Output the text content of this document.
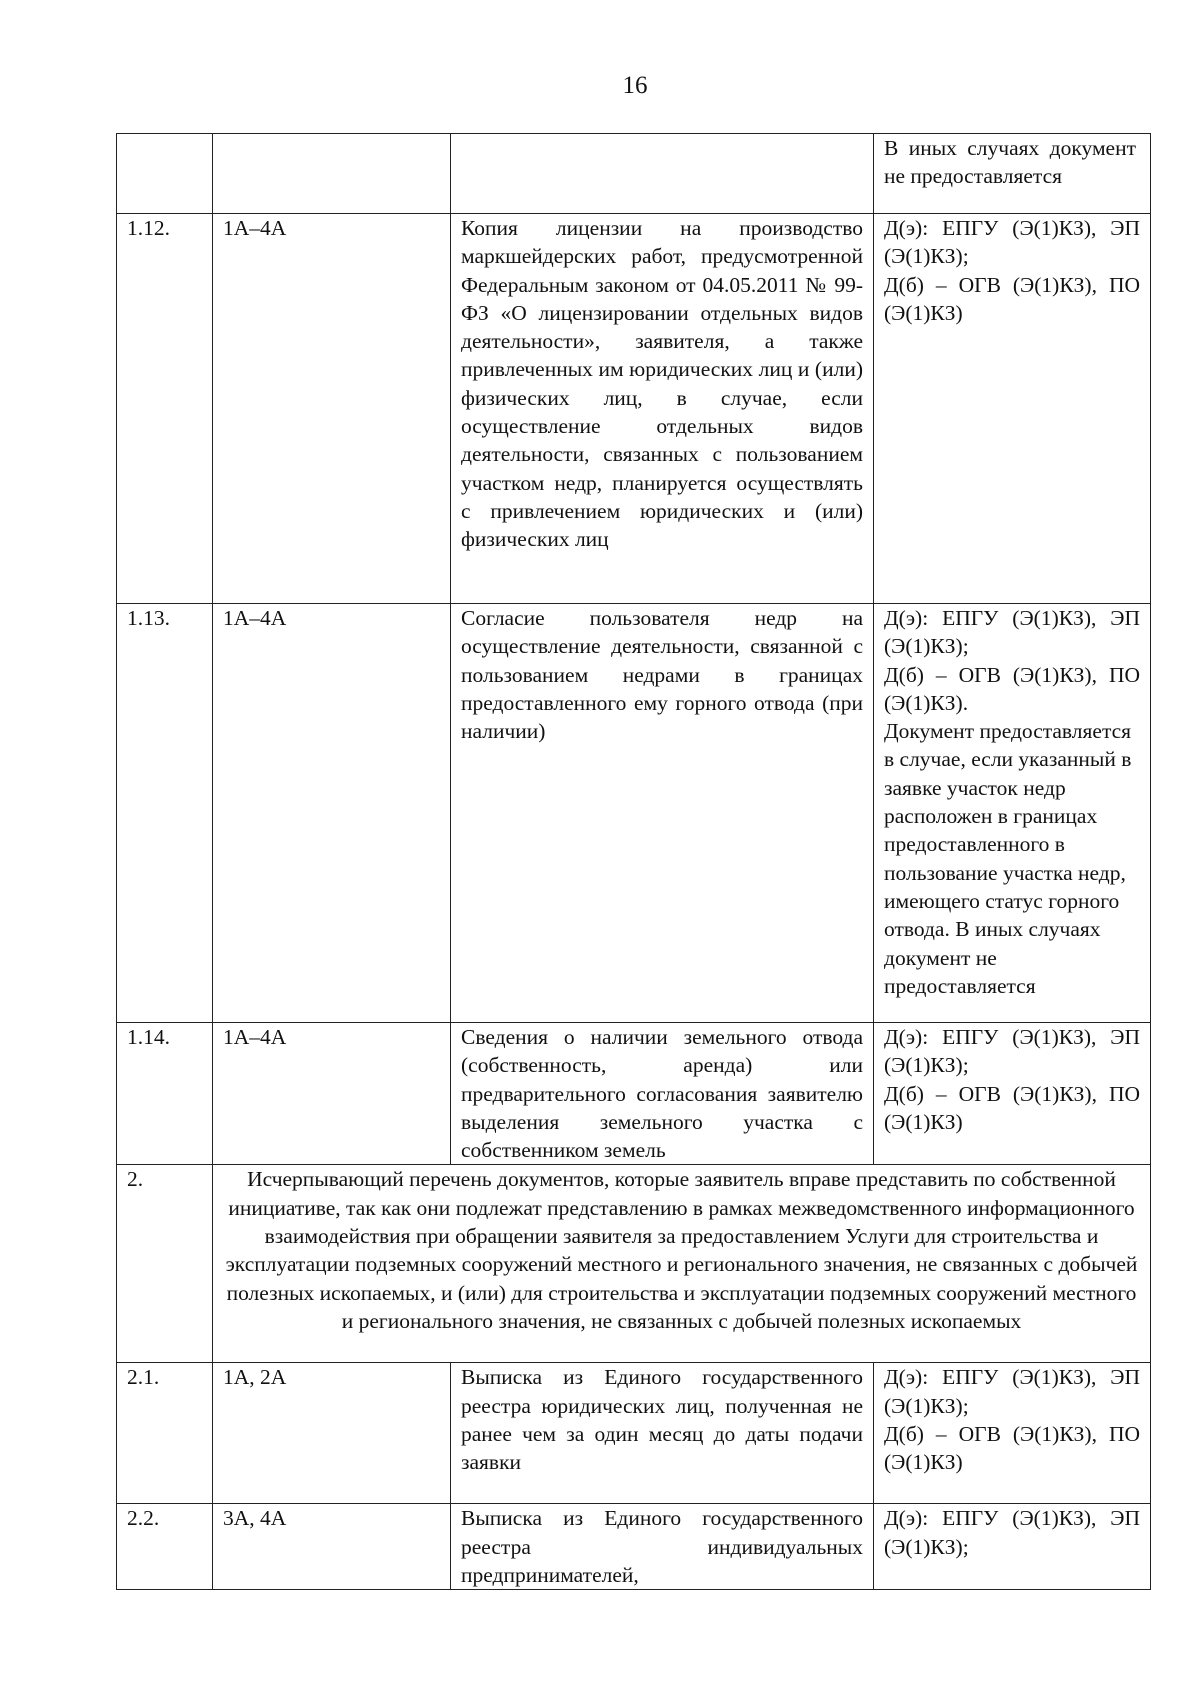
16
			В иных случаях документ не предоставляется
1.12.	1А–4А	Копия лицензии на производство маркшейдерских работ, предусмотренной Федеральным законом от 04.05.2011 № 99-ФЗ «О лицензировании отдельных видов деятельности», заявителя, а также привлеченных им юридических лиц и (или) физических лиц, в случае, если осуществление отдельных видов деятельности, связанных с пользованием участком недр, планируется осуществлять с привлечением юридических и (или) физических лиц	Д(э): ЕПГУ (Э(1)КЗ), ЭП (Э(1)КЗ);
Д(б) – ОГВ (Э(1)КЗ), ПО (Э(1)КЗ)

1.13.	1А–4А	Согласие пользователя недр на осуществление деятельности, связанной с пользованием недрами в границах предоставленного ему горного отвода (при наличии)	Д(э): ЕПГУ (Э(1)КЗ), ЭП (Э(1)КЗ);
Д(б) – ОГВ (Э(1)КЗ), ПО (Э(1)КЗ).
Документ предоставляется в случае, если указанный в заявке участок недр расположен в границах предоставленного в пользование участка недр, имеющего статус горного отвода. В иных случаях документ не предоставляется

1.14.	1А–4А	Сведения о наличии земельного отвода (собственность, аренда) или предварительного согласования заявителю выделения земельного участка с собственником земель	Д(э): ЕПГУ (Э(1)КЗ), ЭП (Э(1)КЗ);
Д(б) – ОГВ (Э(1)КЗ), ПО (Э(1)КЗ)

2.	Исчерпывающий перечень документов, которые заявитель вправе представить по собственной инициативе, так как они подлежат представлению в рамках межведомственного информационного взаимодействия при обращении заявителя за предоставлением Услуги для строительства и эксплуатации подземных сооружений местного и регионального значения, не связанных с добычей полезных ископаемых, и (или) для строительства и эксплуатации подземных сооружений местного и регионального значения, не связанных с добычей полезных ископаемых		
2.1.	1А, 2А	Выписка из Единого государственного реестра юридических лиц, полученная не ранее чем за один месяц до даты подачи заявки	Д(э): ЕПГУ (Э(1)КЗ), ЭП (Э(1)КЗ);
Д(б) – ОГВ (Э(1)КЗ), ПО (Э(1)КЗ)

2.2.	3А, 4А	Выписка из Единого государственного реестра индивидуальных предпринимателей,	Д(э): ЕПГУ (Э(1)КЗ), ЭП (Э(1)КЗ);
